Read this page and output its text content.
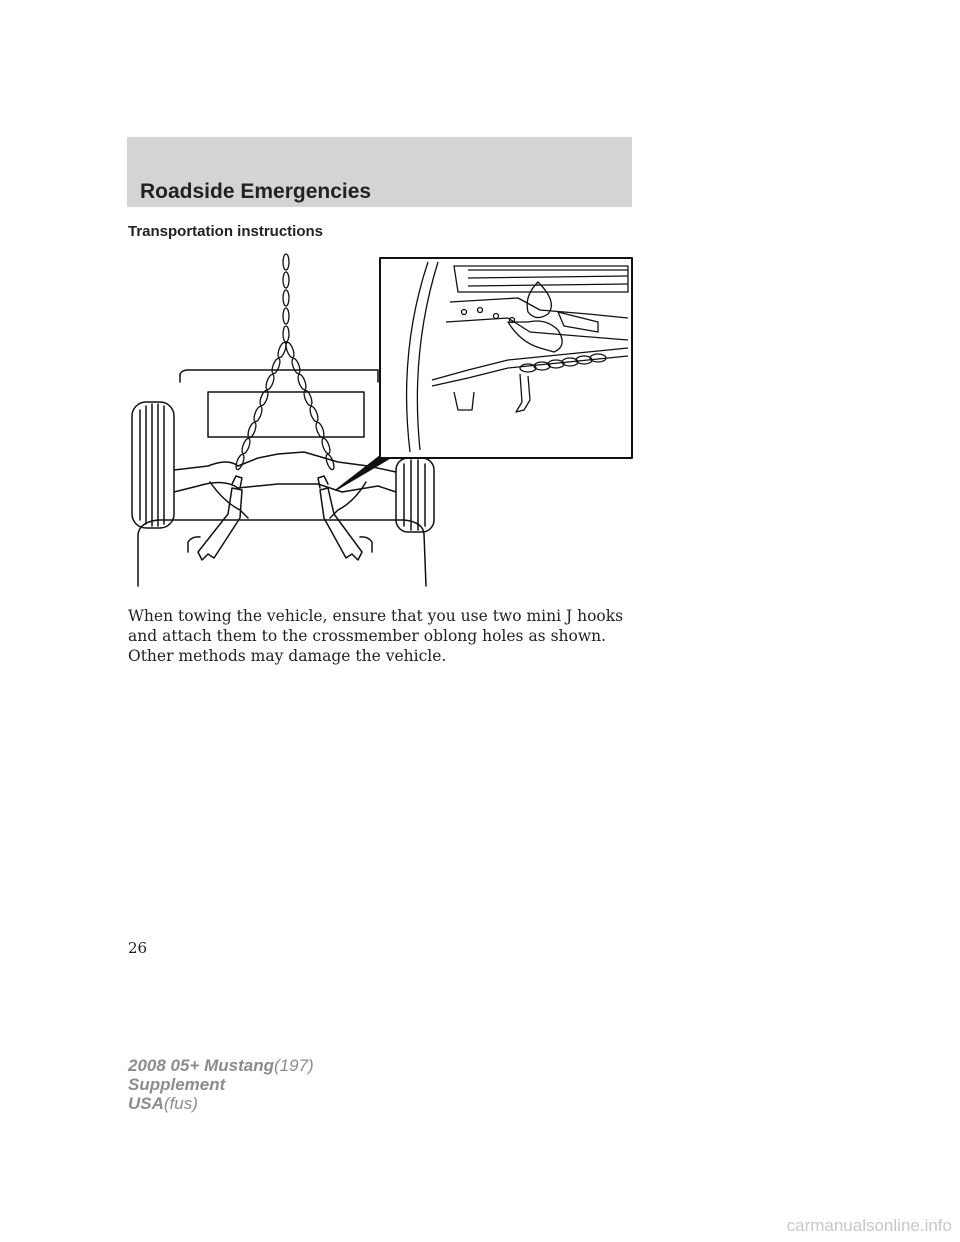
Roadside Emergencies
Transportation instructions
When towing the vehicle, ensure that you use two mini J hooks and attach them to the crossmember oblong holes as shown. Other methods may damage the vehicle.
26
2008 05+ Mustang(197)
Supplement
USA(fus)
carmanualsonline.info
